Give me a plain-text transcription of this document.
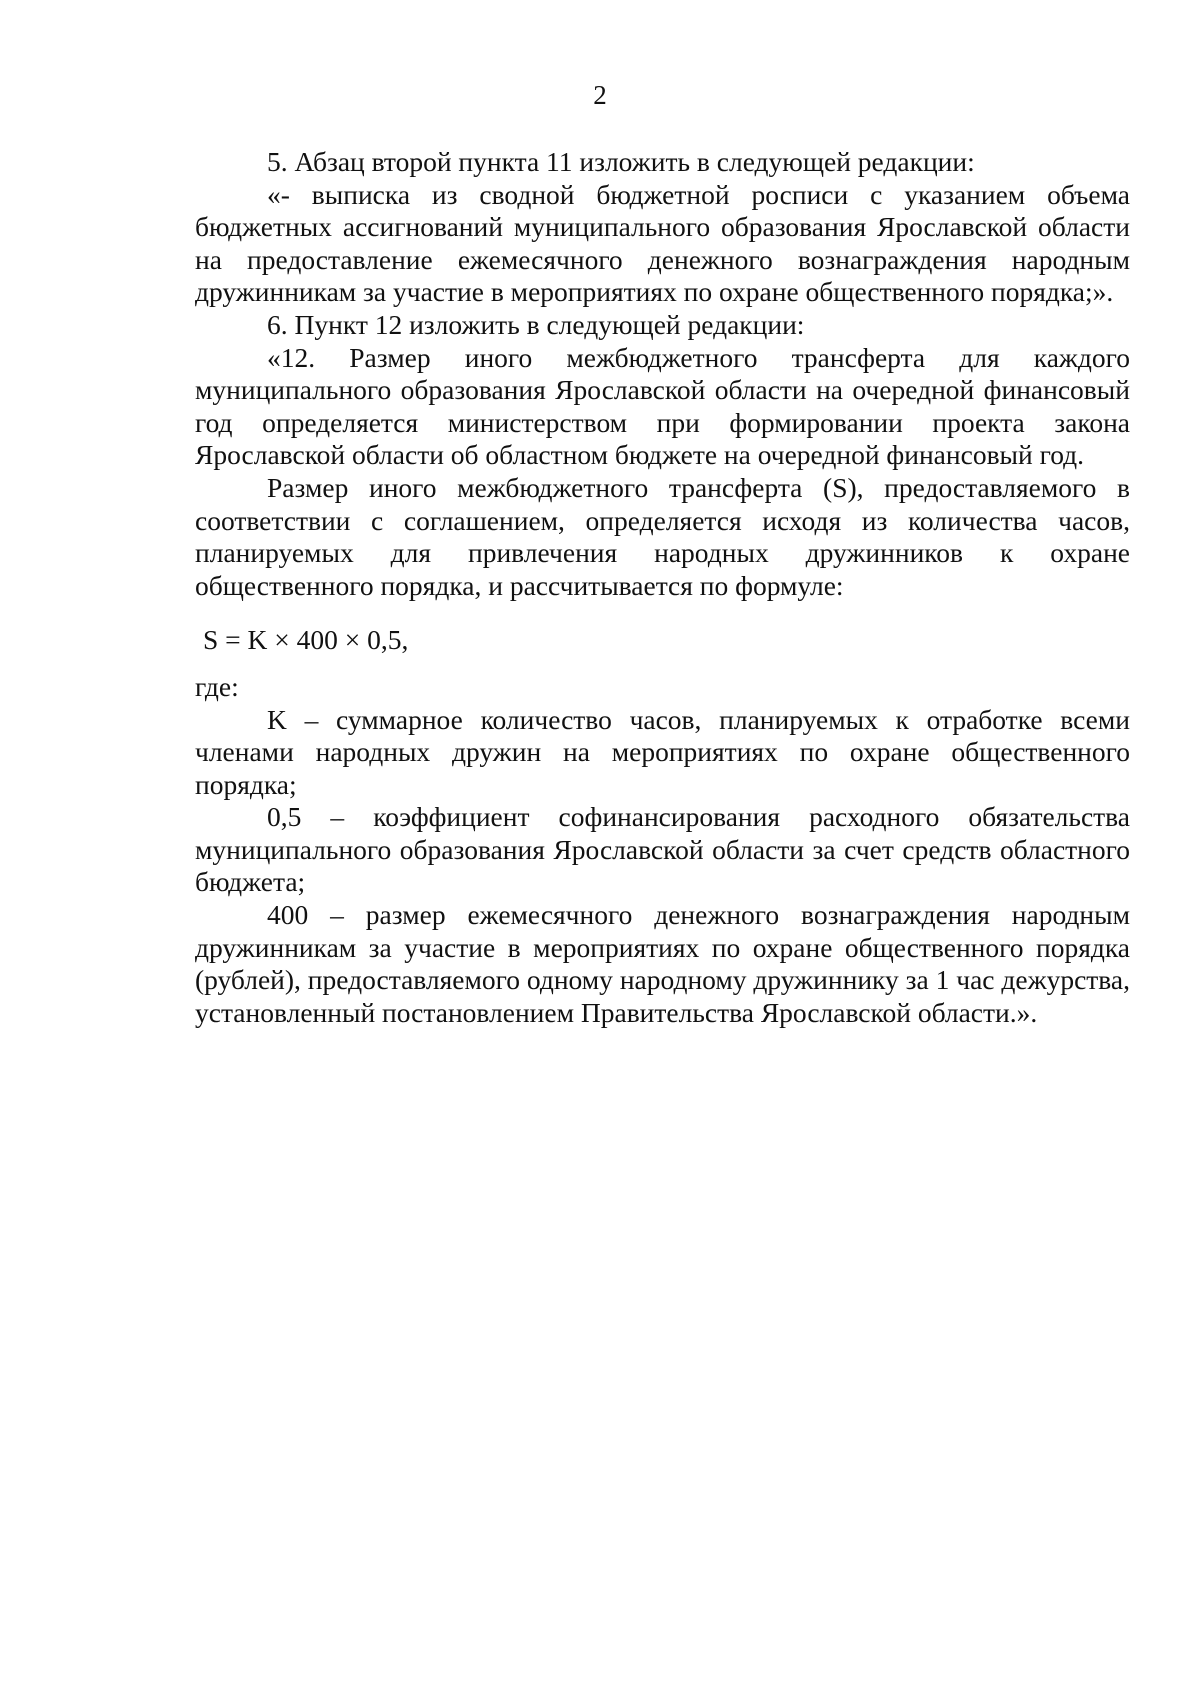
2

5. Абзац второй пункта 11 изложить в следующей редакции:

«- выписка из сводной бюджетной росписи с указанием объема бюджетных ассигнований муниципального образования Ярославской области на предоставление ежемесячного денежного вознаграждения народным дружинникам за участие в мероприятиях по охране общественного порядка;».

6. Пункт 12 изложить в следующей редакции:

«12. Размер иного межбюджетного трансферта для каждого муниципального образования Ярославской области на очередной финансовый год определяется министерством при формировании проекта закона Ярославской области об областном бюджете на очередной финансовый год.

Размер иного межбюджетного трансферта (S), предоставляемого в соответствии с соглашением, определяется исходя из количества часов, планируемых для привлечения народных дружинников к охране общественного порядка, и рассчитывается по формуле:

S = K × 400 × 0,5,

где:

K – суммарное количество часов, планируемых к отработке всеми членами народных дружин на мероприятиях по охране общественного порядка;

0,5 – коэффициент софинансирования расходного обязательства муниципального образования Ярославской области за счет средств областного бюджета;

400 – размер ежемесячного денежного вознаграждения народным дружинникам за участие в мероприятиях по охране общественного порядка (рублей), предоставляемого одному народному дружиннику за 1 час дежурства, установленный постановлением Правительства Ярославской области.».
